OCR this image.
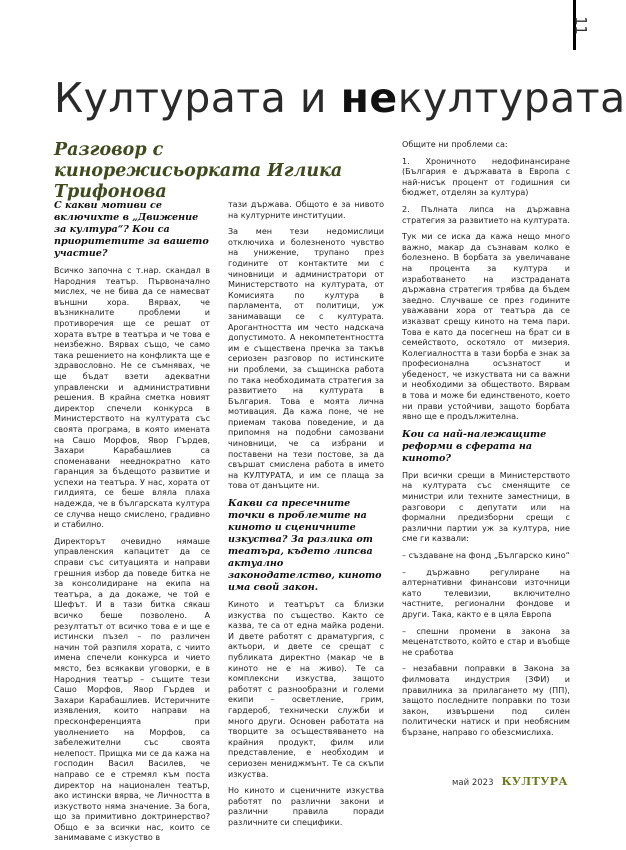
11
Културата и некултурата
Разговор с кинорежисьорката Иглика Трифонова

С какви мотиви се включихте в „Движение за култура“? Кои са приоритетите за вашето участие?

Всичко започна с т.нар. скандал в Народния театър. Първоначално мислех, че не бива да се намесват външни хора. Вярвах, че възникналите проблеми и противоречия ще се решат от хората вътре в театъра и че това е неизбежно. Вярвах също, че само така решението на конфликта ще е здравословно. Не се съмнявах, че ще бъдат взети адекватни управленски и административни решения. В крайна сметка новият директор спечели конкурса в Министерството на културата със своята програма, в която имената на Сашо Морфов, Явор Гърдев, Захари Карабашлиев са споменавани нееднократно като гаранция за бъдещото развитие и успехи на театъра. У нас, хората от гилдията, се беше вляла плаха надежда, че в българската култура се случва нещо смислено, градивно и стабилно.

Директорът очевидно нямаше управленския капацитет да се справи със ситуацията и направи грешния избор да поведе битка не за консолидиране на екипа на театъра, а да докаже, че той е Шефът. И в тази битка сякаш всичко беше позволено. А резултатът от всичко това е и ще е истински пъзел – по различен начин той разпиля хората, с чиито имена спечели конкурса и чието място, без всякакви уговорки, е в Народния театър – същите тези Сашо Морфов, Явор Гърдев и Захари Карабашлиев. Истеричните изявления, които направи на пресконференцията при уволнението на Морфов, са забележителни със своята нелепост. Прищка ми се да кажа на господин Васил Василев, че направо се е стремял към поста директор на национален театър, ако истински вярва, че Личността в изкуството няма значение. За бога, що за примитивно доктринерство? Общо е за всички нас, които се занимаваме с изкуство в

тази държава. Общото е за нивото на културните институции.

За мен тези недомислици отключиха и болезненото чувство на унижение, трупано през годините от контактите ми с чиновници и администратори от Министерството на културата, от Комисията по култура в парламента, от политици, уж занимаващи се с културата. Арогантността им често надскача допустимото. А некомпетентността им е съществена пречка за такъв сериозен разговор по истинските ни проблеми, за същинска работа по така необходимата стратегия за развитието на културата в България. Това е моята лична мотивация. Да кажа поне, че не приемам такова поведение, и да припомня на подобни самозвани чиновници, че са избрани и поставени на тези постове, за да свършат смислена работа в името на КУЛТУРАТА, и им се плаща за това от данъците ни.

Какви са пресечните точки в проблемите на киното и сценичните изкуства? За разлика от театъра, където липсва актуално законодателство, киното има свой закон.

Киното и театърът са близки изкуства по същество. Както се казва, те са от една майка родени. И двете работят с драматургия, с актьори, и двете се срещат с публиката директно (макар че в киното не е на живо). Те са комплексни изкуства, защото работят с разнообразни и големи екипи – осветление, грим, гардероб, технически служби и много други. Основен работата на творците за осъществяването на крайния продукт, филм или представление, е необходим и сериозен мениджмънт. Те са скъпи изкуства.

Но киното и сценичните изкуства работят по различни закони и различни правила поради различните си специфики.

Общите ни проблеми са:

1. Хроничното недофинансиране (България е държавата в Европа с най-нисък процент от годишния си бюджет, отделян за култура)

2. Пълната липса на държавна стратегия за развитието на културата.

Тук ми се иска да кажа нещо много важно, макар да съзнавам колко е болезнено. В борбата за увеличаване на процента за култура и изработването на изстраданата държавна стратегия трябва да бъдем заедно. Случваше се през годините уважавани хора от театъра да се изказват срещу киното на тема пари. Това е като да посегнеш на брат си в семейството, оскотяло от мизерия. Колегиалността в тази борба е знак за професионална осъзнатост и убеденост, че изкуствата ни са важни и необходими за обществото. Вярвам в това и може би единственото, което ни прави устойчиви, защото борбата явно ще е продължителна.

Кои са най-належащите реформи в сферата на киното?

При всички срещи в Министерството на културата със сменящите се министри или техните заместници, в разговори с депутати или на формални предизборни срещи с различни партии уж за култура, ние сме ги казвали:

– създаване на фонд „Българско кино“

– държавно регулиране на алтернативни финансови източници като телевизии, включително частните, регионални фондове и други. Така, както е в цяла Европа

– спешни промени в закона за меценатството, който е стар и въобще не сработва

– незабавни поправки в Закона за филмовата индустрия (ЗФИ) и правилника за прилагането му (ПП), защото последните поправки по този закон, извършени под силен политически натиск и при необясним бързане, направо го обезсмислиха.

май 2023 КУЛТУРА
